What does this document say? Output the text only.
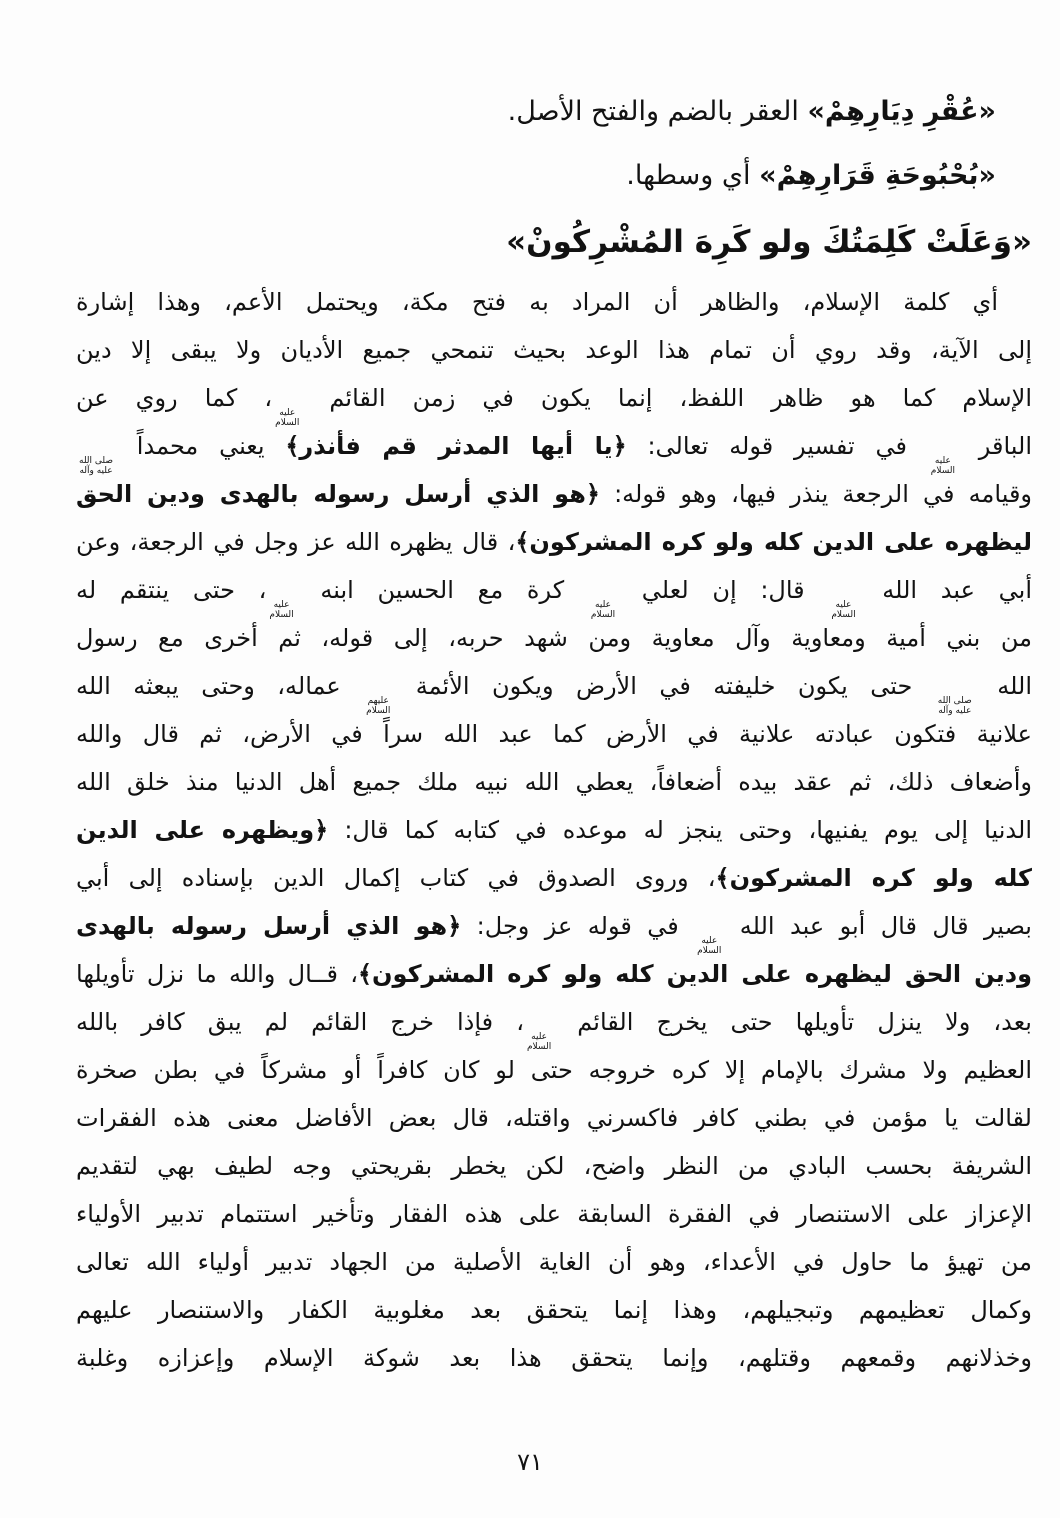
«عُقْرِ دِيَارِهِمْ» العقر بالضم والفتح الأصل.
«بُحْبُوحَةِ قَرَارِهِمْ» أي وسطها.
«وَعَلَتْ كَلِمَتُكَ ولو كَرِهَ المُشْرِكُونْ»
أي كلمة الإسلام، والظاهر أن المراد به فتح مكة، ويحتمل الأعم، وهذا إشارة
إلى الآية، وقد روي أن تمام هذا الوعد بحيث تنمحي جميع الأديان ولا يبقى إلا دين
الإسلام كما هو ظاهر اللفظ، إنما يكون في زمن القائم
عليه
السلام
، كما روي عن
الباقر
عليه
السلام
في تفسير قوله تعالى: ﴿يا أيها المدثر قم فأنذر﴾ يعني محمداً
صلى الله
عليه وآله
وقيامه في الرجعة ينذر فيها، وهو قوله: ﴿هو الذي أرسل رسوله بالهدى ودين الحق
ليظهره على الدين كله ولو كره المشركون﴾، قال يظهره الله عز وجل في الرجعة، وعن
أبي عبد الله
عليه
السلام
قال: إن لعلي
عليه
السلام
كرة مع الحسين ابنه
عليه
السلام
، حتى ينتقم له
من بني أمية ومعاوية وآل معاوية ومن شهد حربه، إلى قوله، ثم أخرى مع رسول
الله
صلى الله
عليه وآله
حتى يكون خليفته في الأرض ويكون الأئمة
عليهم
السلام
عماله، وحتى يبعثه الله
علانية فتكون عبادته علانية في الأرض كما عبد الله سراً في الأرض، ثم قال والله
وأضعاف ذلك، ثم عقد بيده أضعافاً، يعطي الله نبيه ملك جميع أهل الدنيا منذ خلق الله
الدنيا إلى يوم يفنيها، وحتى ينجز له موعده في كتابه كما قال: ﴿ويظهره على الدين
كله ولو كره المشركون﴾، وروى الصدوق في كتاب إكمال الدين بإسناده إلى أبي
بصير قال قال أبو عبد الله
عليه
السلام
في قوله عز وجل: ﴿هو الذي أرسل رسوله بالهدى
ودين الحق ليظهره على الدين كله ولو كره المشركون﴾، قــال والله ما نزل تأويلها
بعد، ولا ينزل تأويلها حتى يخرج القائم
عليه
السلام
، فإذا خرج القائم لم يبق كافر بالله
العظيم ولا مشرك بالإمام إلا كره خروجه حتى لو كان كافراً أو مشركاً في بطن صخرة
لقالت يا مؤمن في بطني كافر فاكسرني واقتله، قال بعض الأفاضل معنى هذه الفقرات
الشريفة بحسب البادي من النظر واضح، لكن يخطر بقريحتي وجه لطيف بهي لتقديم
الإعزاز على الاستنصار في الفقرة السابقة على هذه الفقار وتأخير استتمام تدبير الأولياء
من تهيؤ ما حاول في الأعداء، وهو أن الغاية الأصلية من الجهاد تدبير أولياء الله تعالى
وكمال تعظيمهم وتبجيلهم، وهذا إنما يتحقق بعد مغلوبية الكفار والاستنصار عليهم
وخذلانهم وقمعهم وقتلهم، وإنما يتحقق هذا بعد شوكة الإسلام وإعزازه وغلبة
٧١
